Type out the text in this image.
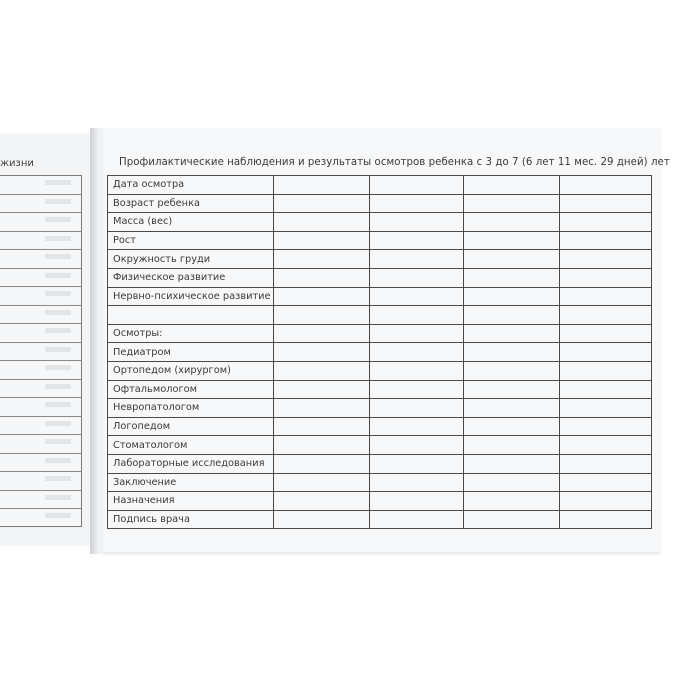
жизни	Профилактические наблюдения и результаты осмотров ребенка с 3 до 7 (6 лет 11 мес. 29 дней) лет
Дата осмотра				
Возраст ребенка				
Масса (вес)				
Рост				
Окружность груди				
Физическое развитие				
Нервно-психическое развитие				

Осмотры:				
Педиатром				
Ортопедом (хирургом)				
Офтальмологом				
Невропатологом				
Логопедом				
Стоматологом				
Лабораторные исследования				
Заключение				
Назначения				
Подпись врача				
